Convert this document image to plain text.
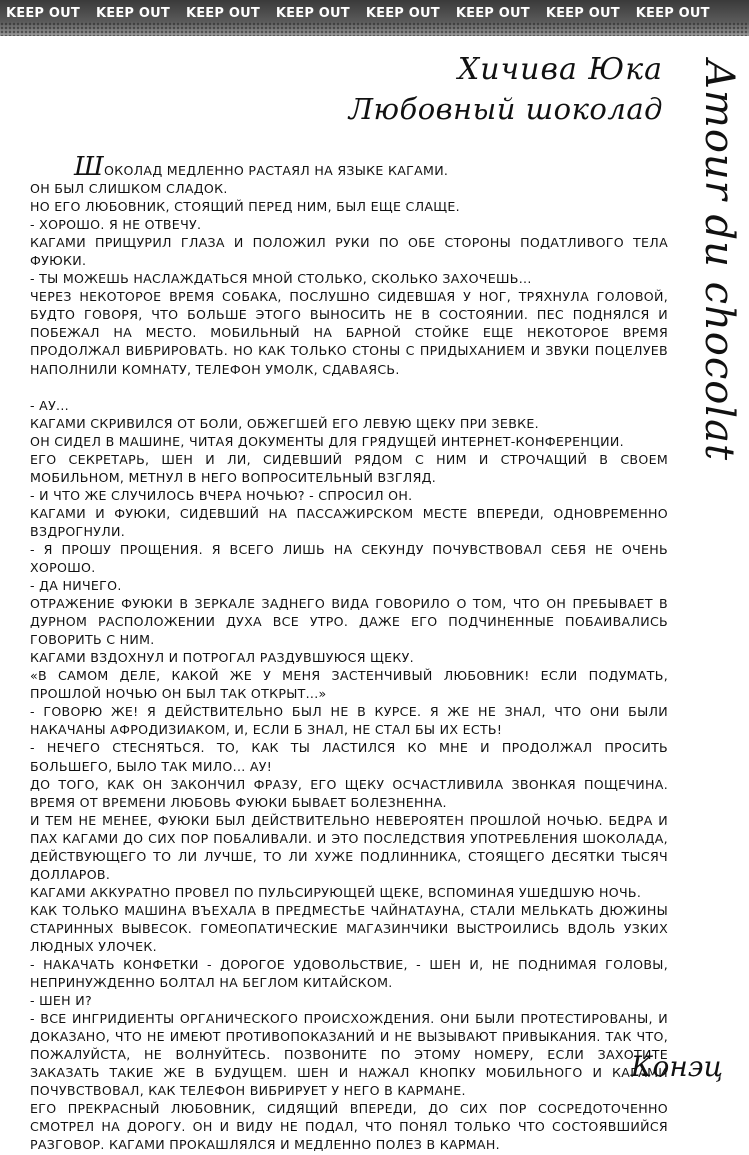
KEEP OUT KEEP OUT KEEP OUT KEEP OUT KEEP OUT KEEP OUT KEEP OUT KEEP OUT
Хичива Юка
Любовный шоколад Amour du chocolat

ШОКОЛАД МЕДЛЕННО РАСТАЯЛ НА ЯЗЫКЕ КАГАМИ.

ОН БЫЛ СЛИШКОМ СЛАДОК.

НО ЕГО ЛЮБОВНИК, СТОЯЩИЙ ПЕРЕД НИМ, БЫЛ ЕЩЕ СЛАЩЕ.

- ХОРОШО. Я НЕ ОТВЕЧУ.

КАГАМИ ПРИЩУРИЛ ГЛАЗА И ПОЛОЖИЛ РУКИ ПО ОБЕ СТОРОНЫ ПОДАТЛИВОГО ТЕЛА ФУЮКИ.

- ТЫ МОЖЕШЬ НАСЛАЖДАТЬСЯ МНОЙ СТОЛЬКО, СКОЛЬКО ЗАХОЧЕШЬ...

ЧЕРЕЗ НЕКОТОРОЕ ВРЕМЯ СОБАКА, ПОСЛУШНО СИДЕВШАЯ У НОГ, ТРЯХНУЛА ГОЛОВОЙ, БУДТО ГОВОРЯ, ЧТО БОЛЬШЕ ЭТОГО ВЫНОСИТЬ НЕ В СОСТОЯНИИ. ПЕС ПОДНЯЛСЯ И ПОБЕЖАЛ НА МЕСТО. МОБИЛЬНЫЙ НА БАРНОЙ СТОЙКЕ ЕЩЕ НЕКОТОРОЕ ВРЕМЯ ПРОДОЛЖАЛ ВИБРИРОВАТЬ. НО КАК ТОЛЬКО СТОНЫ С ПРИДЫХАНИЕМ И ЗВУКИ ПОЦЕЛУЕВ НАПОЛНИЛИ КОМНАТУ, ТЕЛЕФОН УМОЛК, СДАВАЯСЬ.

- АУ...

КАГАМИ СКРИВИЛСЯ ОТ БОЛИ, ОБЖЕГШЕЙ ЕГО ЛЕВУЮ ЩЕКУ ПРИ ЗЕВКЕ.

ОН СИДЕЛ В МАШИНЕ, ЧИТАЯ ДОКУМЕНТЫ ДЛЯ ГРЯДУЩЕЙ ИНТЕРНЕТ-КОНФЕРЕНЦИИ.

ЕГО СЕКРЕТАРЬ, ШЕН И ЛИ, СИДЕВШИЙ РЯДОМ С НИМ И СТРОЧАЩИЙ В СВОЕМ МОБИЛЬНОМ, МЕТНУЛ В НЕГО ВОПРОСИТЕЛЬНЫЙ ВЗГЛЯД.

- И ЧТО ЖЕ СЛУЧИЛОСЬ ВЧЕРА НОЧЬЮ? - СПРОСИЛ ОН.

КАГАМИ И ФУЮКИ, СИДЕВШИЙ НА ПАССАЖИРСКОМ МЕСТЕ ВПЕРЕДИ, ОДНОВРЕМЕННО ВЗДРОГНУЛИ.

- Я ПРОШУ ПРОЩЕНИЯ. Я ВСЕГО ЛИШЬ НА СЕКУНДУ ПОЧУВСТВОВАЛ СЕБЯ НЕ ОЧЕНЬ ХОРОШО.

- ДА НИЧЕГО.

ОТРАЖЕНИЕ ФУЮКИ В ЗЕРКАЛЕ ЗАДНЕГО ВИДА ГОВОРИЛО О ТОМ, ЧТО ОН ПРЕБЫВАЕТ В ДУРНОМ РАСПОЛОЖЕНИИ ДУХА ВСЕ УТРО. ДАЖЕ ЕГО ПОДЧИНЕННЫЕ ПОБАИВАЛИСЬ ГОВОРИТЬ С НИМ.

КАГАМИ ВЗДОХНУЛ И ПОТРОГАЛ РАЗДУВШУЮСЯ ЩЕКУ.

«В САМОМ ДЕЛЕ, КАКОЙ ЖЕ У МЕНЯ ЗАСТЕНЧИВЫЙ ЛЮБОВНИК! ЕСЛИ ПОДУМАТЬ, ПРОШЛОЙ НОЧЬЮ ОН БЫЛ ТАК ОТКРЫТ...»

- ГОВОРЮ ЖЕ! Я ДЕЙСТВИТЕЛЬНО БЫЛ НЕ В КУРСЕ. Я ЖЕ НЕ ЗНАЛ, ЧТО ОНИ БЫЛИ НАКАЧАНЫ АФРОДИЗИАКОМ, И, ЕСЛИ Б ЗНАЛ, НЕ СТАЛ БЫ ИХ ЕСТЬ!

- НЕЧЕГО СТЕСНЯТЬСЯ. ТО, КАК ТЫ ЛАСТИЛСЯ КО МНЕ И ПРОДОЛЖАЛ ПРОСИТЬ БОЛЬШЕГО, БЫЛО ТАК МИЛО... АУ!

ДО ТОГО, КАК ОН ЗАКОНЧИЛ ФРАЗУ, ЕГО ЩЕКУ ОСЧАСТЛИВИЛА ЗВОНКАЯ ПОЩЕЧИНА. ВРЕМЯ ОТ ВРЕМЕНИ ЛЮБОВЬ ФУЮКИ БЫВАЕТ БОЛЕЗНЕННА.

И ТЕМ НЕ МЕНЕЕ, ФУЮКИ БЫЛ ДЕЙСТВИТЕЛЬНО НЕВЕРОЯТЕН ПРОШЛОЙ НОЧЬЮ. БЕДРА И ПАХ КАГАМИ ДО СИХ ПОР ПОБАЛИВАЛИ. И ЭТО ПОСЛЕДСТВИЯ УПОТРЕБЛЕНИЯ ШОКОЛАДА, ДЕЙСТВУЮЩЕГО ТО ЛИ ЛУЧШЕ, ТО ЛИ ХУЖЕ ПОДЛИННИКА, СТОЯЩЕГО ДЕСЯТКИ ТЫСЯЧ ДОЛЛАРОВ.

КАГАМИ АККУРАТНО ПРОВЕЛ ПО ПУЛЬСИРУЮЩЕЙ ЩЕКЕ, ВСПОМИНАЯ УШЕДШУЮ НОЧЬ.

КАК ТОЛЬКО МАШИНА ВЪЕХАЛА В ПРЕДМЕСТЬЕ ЧАЙНАТАУНА, СТАЛИ МЕЛЬКАТЬ ДЮЖИНЫ СТАРИННЫХ ВЫВЕСОК. ГОМЕОПАТИЧЕСКИЕ МАГАЗИНЧИКИ ВЫСТРОИЛИСЬ ВДОЛЬ УЗКИХ ЛЮДНЫХ УЛОЧЕК.

- НАКАЧАТЬ КОНФЕТКИ - ДОРОГОЕ УДОВОЛЬСТВИЕ, - ШЕН И, НЕ ПОДНИМАЯ ГОЛОВЫ, НЕПРИНУЖДЕННО БОЛТАЛ НА БЕГЛОМ КИТАЙСКОМ.

- ШЕН И?

- ВСЕ ИНГРИДИЕНТЫ ОРГАНИЧЕСКОГО ПРОИСХОЖДЕНИЯ. ОНИ БЫЛИ ПРОТЕСТИРОВАНЫ, И ДОКАЗАНО, ЧТО НЕ ИМЕЮТ ПРОТИВОПОКАЗАНИЙ И НЕ ВЫЗЫВАЮТ ПРИВЫКАНИЯ. ТАК ЧТО, ПОЖАЛУЙСТА, НЕ ВОЛНУЙТЕСЬ. ПОЗВОНИТЕ ПО ЭТОМУ НОМЕРУ, ЕСЛИ ЗАХОТИТЕ ЗАКАЗАТЬ ТАКИЕ ЖЕ В БУДУЩЕМ. ШЕН И НАЖАЛ КНОПКУ МОБИЛЬНОГО И КАГАМИ ПОЧУВСТВОВАЛ, КАК ТЕЛЕФОН ВИБРИРУЕТ У НЕГО В КАРМАНЕ.

ЕГО ПРЕКРАСНЫЙ ЛЮБОВНИК, СИДЯЩИЙ ВПЕРЕДИ, ДО СИХ ПОР СОСРЕДОТОЧЕННО СМОТРЕЛ НА ДОРОГУ. ОН И ВИДУ НЕ ПОДАЛ, ЧТО ПОНЯЛ ТОЛЬКО ЧТО СОСТОЯВШИЙСЯ РАЗГОВОР. КАГАМИ ПРОКАШЛЯЛСЯ И МЕДЛЕННО ПОЛЕЗ В КАРМАН.

Конэц
